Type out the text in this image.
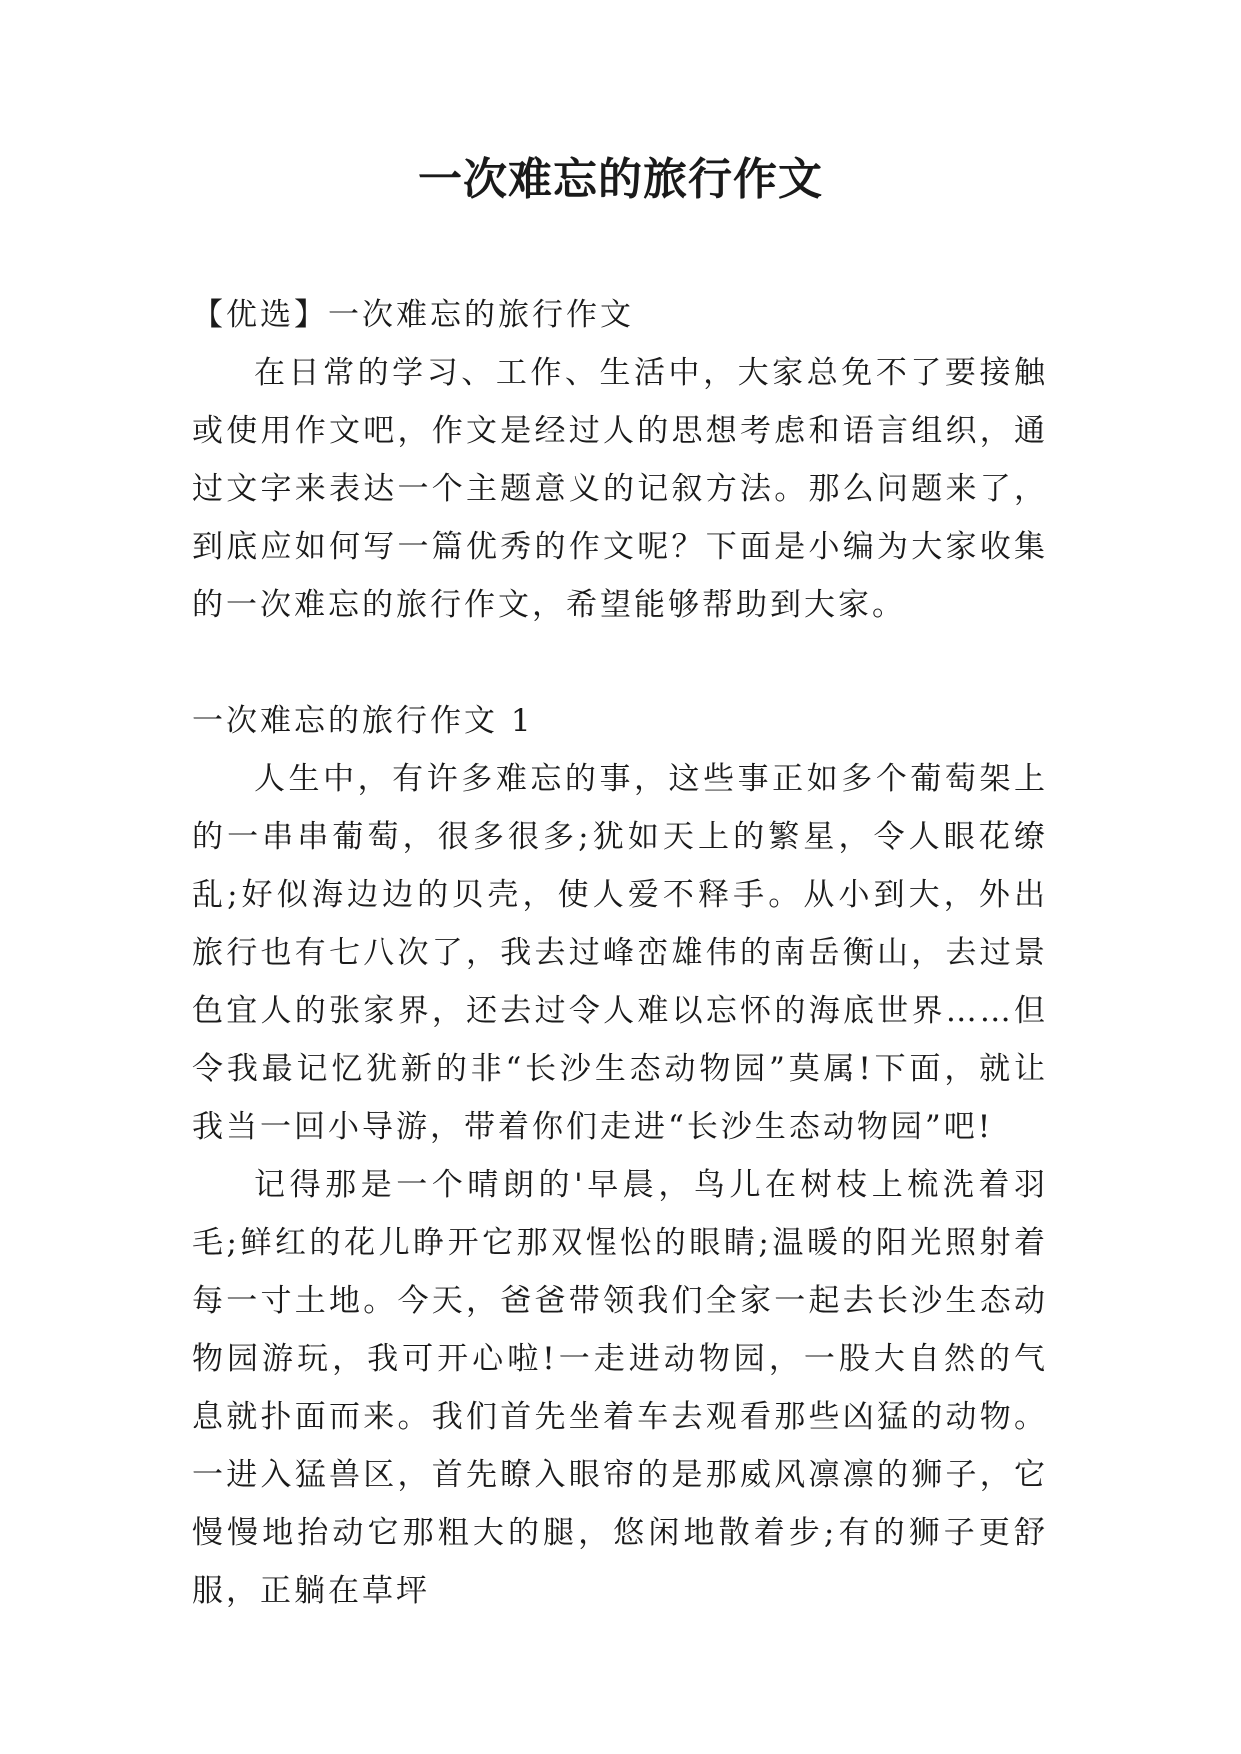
一次难忘的旅行作文

【优选】一次难忘的旅行作文

在日常的学习、工作、生活中，大家总免不了要接触或使用作文吧，作文是经过人的思想考虑和语言组织，通过文字来表达一个主题意义的记叙方法。那么问题来了，到底应如何写一篇优秀的作文呢？下面是小编为大家收集的一次难忘的旅行作文，希望能够帮助到大家。

一次难忘的旅行作文 1

人生中，有许多难忘的事，这些事正如多个葡萄架上的一串串葡萄，很多很多;犹如天上的繁星，令人眼花缭乱;好似海边边的贝壳，使人爱不释手。从小到大，外出旅行也有七八次了，我去过峰峦雄伟的南岳衡山，去过景色宜人的张家界，还去过令人难以忘怀的海底世界……但令我最记忆犹新的非“长沙生态动物园”莫属!下面，就让我当一回小导游，带着你们走进“长沙生态动物园”吧!

记得那是一个晴朗的'早晨，鸟儿在树枝上梳洗着羽毛;鲜红的花儿睁开它那双惺忪的眼睛;温暖的阳光照射着每一寸土地。今天，爸爸带领我们全家一起去长沙生态动物园游玩，我可开心啦!一走进动物园，一股大自然的气息就扑面而来。我们首先坐着车去观看那些凶猛的动物。一进入猛兽区，首先瞭入眼帘的是那威风凛凛的狮子，它慢慢地抬动它那粗大的腿，悠闲地散着步;有的狮子更舒服，正躺在草坪
